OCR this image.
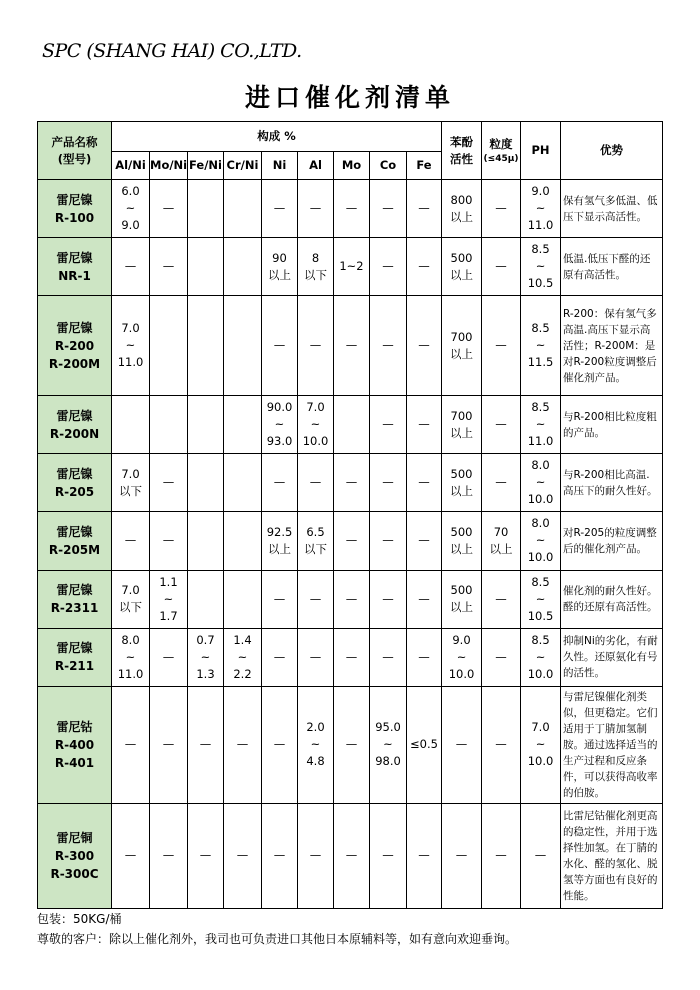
SPC (SHANG HAI) CO.,LTD.
进口催化剂清单
产品名称
(型号)	构成 %									苯酚
活性	粒度
(≤45μ)	PH	优势
	Al/Ni	Mo/Ni	Fe/Ni	Cr/Ni	Ni	Al	Mo	Co	Fe				

雷尼镍
R-100	6.0
~
9.0	—			—	—	—	—	—	800
以上	—	9.0
~
11.0	保有氢气多低温、低压下显示高活性。

雷尼镍
NR-1	—	—			90
以上	8
以下	1~2	—	—	500
以上	—	8.5
~
10.5	低温.低压下醛的还原有高活性。

雷尼镍
R-200
R-200M	7.0
~
11.0				—	—	—	—	—	700
以上	—	8.5
~
11.5	R-200：保有氢气多高温.高压下显示高活性；R-200M：是对R-200粒度调整后催化剂产品。

雷尼镍
R-200N					90.0
~
93.0	7.0
~
10.0		—	—	700
以上	—	8.5
~
11.0	与R-200相比粒度粗的产品。

雷尼镍
R-205	7.0
以下	—			—	—	—	—	—	500
以上	—	8.0
~
10.0	与R-200相比高温.高压下的耐久性好。

雷尼镍
R-205M	—	—			92.5
以上	6.5
以下	—	—	—	500
以上	70
以上	8.0
~
10.0	对R-205的粒度调整后的催化剂产品。

雷尼镍
R-2311	7.0
以下	1.1
~
1.7			—	—	—	—	—	500
以上	—	8.5
~
10.5	催化剂的耐久性好。醛的还原有高活性。

雷尼镍
R-211	8.0
~
11.0	—	0.7
~
1.3	1.4
~
2.2	—	—	—	—	—	9.0
~
10.0	—	8.5
~
10.0	抑制Ni的劣化，有耐久性。还原氨化有号的活性。

雷尼钴
R-400
R-401	—	—	—	—	—	2.0
~
4.8	—	95.0
~
98.0	≤0.5	—	—	7.0
~
10.0	与雷尼镍催化剂类似，但更稳定。它们适用于丁腈加氢制胺。通过选择适当的生产过程和反应条件，可以获得高收率的伯胺。

雷尼铜
R-300
R-300C	—	—	—	—	—	—	—	—	—	—	—	—	比雷尼钴催化剂更高的稳定性，并用于选择性加氢。在丁腈的水化、醛的氢化、脱氢等方面也有良好的性能。
包装：50KG/桶
尊敬的客户：除以上催化剂外，我司也可负责进口其他日本原辅料等，如有意向欢迎垂询。
